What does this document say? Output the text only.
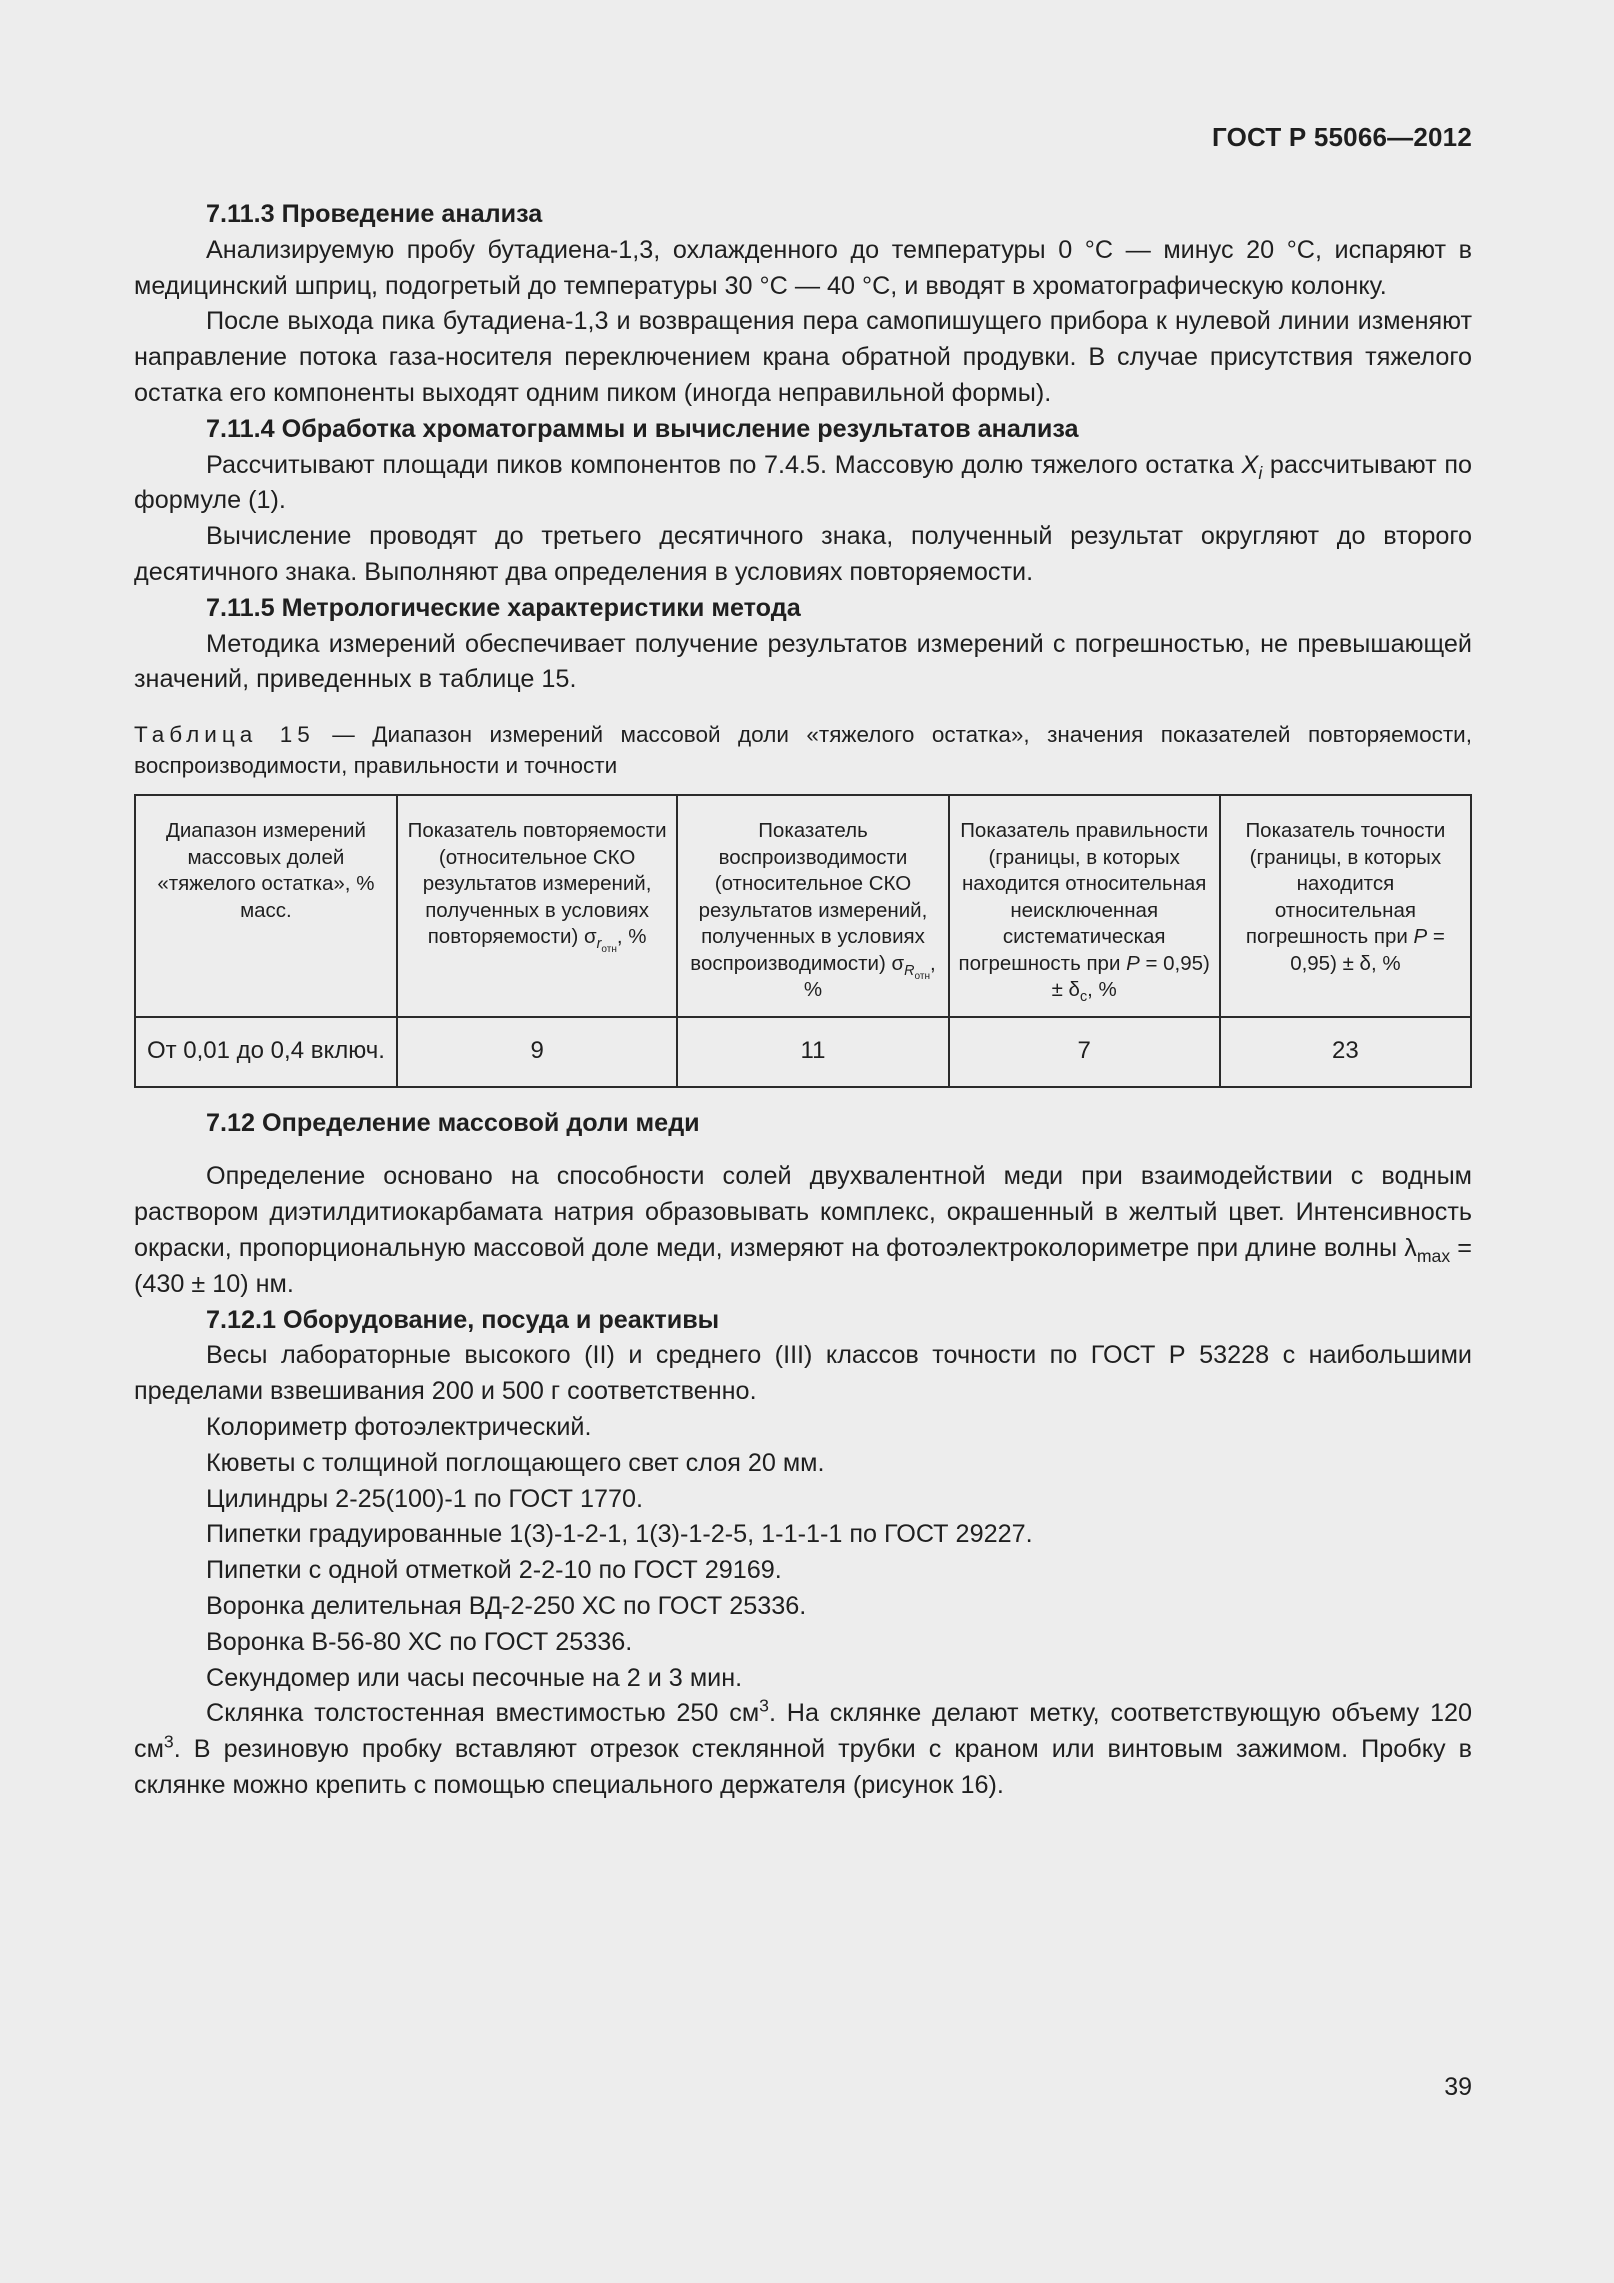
ГОСТ Р 55066—2012

7.11.3 Проведение анализа

Анализируемую пробу бутадиена-1,3, охлажденного до температуры 0 °С — минус 20 °С, испаряют в медицинский шприц, подогретый до температуры 30 °С — 40 °С, и вводят в хроматографическую колонку.

После выхода пика бутадиена-1,3 и возвращения пера самопишущего прибора к нулевой линии изменяют направление потока газа-носителя переключением крана обратной продувки. В случае присутствия тяжелого остатка его компоненты выходят одним пиком (иногда неправильной формы).

7.11.4 Обработка хроматограммы и вычисление результатов анализа

Рассчитывают площади пиков компонентов по 7.4.5. Массовую долю тяжелого остатка $X_i$ рассчитывают по формуле (1).

Вычисление проводят до третьего десятичного знака, полученный результат округляют до второго десятичного знака. Выполняют два определения в условиях повторяемости.

7.11.5 Метрологические характеристики метода

Методика измерений обеспечивает получение результатов измерений с погрешностью, не превышающей значений, приведенных в таблице 15.

Таблица 15 — Диапазон измерений массовой доли «тяжелого остатка», значения показателей повторяемости, воспроизводимости, правильности и точности
Диапазон измерений массовых долей «тяжелого остатка», % масс.	Показатель повторяемости (относительное СКО результатов измерений, полученных в условиях повторяемости) $\sigma_{r_{отн}}$, %	Показатель воспроизводимости (относительное СКО результатов измерений, полученных в условиях воспроизводимости) $\sigma_{R_{отн}}$, %	Показатель правильности (границы, в которых находится относительная неисключенная систематическая погрешность при $P = 0,95) \pm \delta_c$, %	Показатель точности (границы, в которых находится относительная погрешность при P = 0,95) ± δ, %
От 0,01 до 0,4 включ.	9	11	7	23

7.12 Определение массовой доли меди

Определение основано на способности солей двухвалентной меди при взаимодействии с водным раствором диэтилдитиокарбамата натрия образовывать комплекс, окрашенный в желтый цвет. Интенсивность окраски, пропорциональную массовой доле меди, измеряют на фотоэлектроколориметре при длине волны $\lambda_{max} = (430 \pm 10)$ нм.

7.12.1 Оборудование, посуда и реактивы

Весы лабораторные высокого (II) и среднего (III) классов точности по ГОСТ Р 53228 с наибольшими пределами взвешивания 200 и 500 г соответственно.

Колориметр фотоэлектрический.

Кюветы с толщиной поглощающего свет слоя 20 мм.

Цилиндры 2-25(100)-1 по ГОСТ 1770.

Пипетки градуированные 1(3)-1-2-1, 1(3)-1-2-5, 1-1-1-1 по ГОСТ 29227.

Пипетки с одной отметкой 2-2-10 по ГОСТ 29169.

Воронка делительная ВД-2-250 ХС по ГОСТ 25336.

Воронка В-56-80 ХС по ГОСТ 25336.

Секундомер или часы песочные на 2 и 3 мин.

Склянка толстостенная вместимостью 250 $см^3$. На склянке делают метку, соответствующую объему 120 $см^3$. В резиновую пробку вставляют отрезок стеклянной трубки с краном или винтовым зажимом. Пробку в склянке можно крепить с помощью специального держателя (рисунок 16).

39
